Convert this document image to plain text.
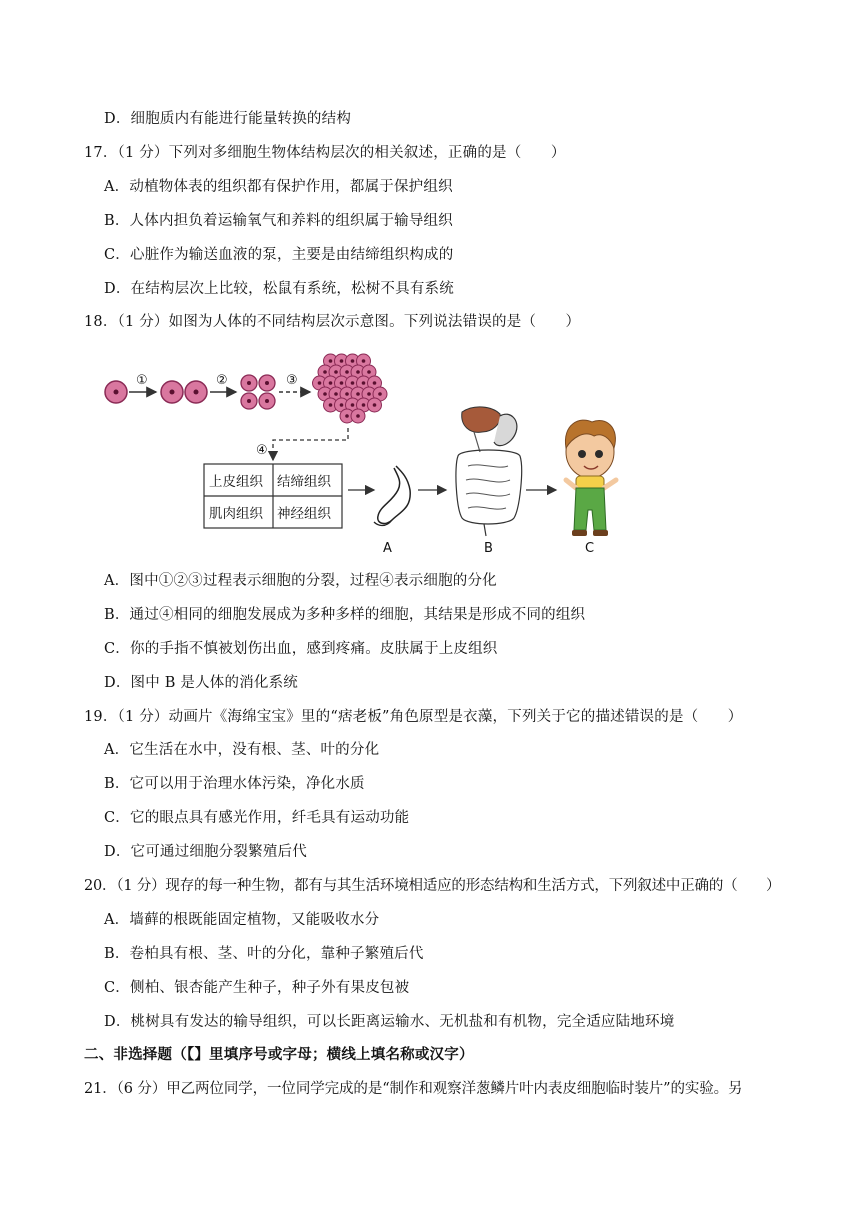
D．细胞质内有能进行能量转换的结构
17．（1 分）下列对多细胞生物体结构层次的相关叙述，正确的是（　　）
A．动植物体表的组织都有保护作用，都属于保护组织
B．人体内担负着运输氧气和养料的组织属于输导组织
C．心脏作为输送血液的泵，主要是由结缔组织构成的
D．在结构层次上比较，松鼠有系统，松树不具有系统
18．（1 分）如图为人体的不同结构层次示意图。下列说法错误的是（　　）
①	②	③
④
上皮组织 结缔组织
肌肉组织 神经组织
A	B	C
A．图中①②③过程表示细胞的分裂，过程④表示细胞的分化
B．通过④相同的细胞发展成为多种多样的细胞，其结果是形成不同的组织
C．你的手指不慎被划伤出血，感到疼痛。皮肤属于上皮组织
D．图中 B 是人体的消化系统
19．（1 分）动画片《海绵宝宝》里的“痞老板”角色原型是衣藻，下列关于它的描述错误的是（　　）
A．它生活在水中，没有根、茎、叶的分化
B．它可以用于治理水体污染，净化水质
C．它的眼点具有感光作用，纤毛具有运动功能
D．它可通过细胞分裂繁殖后代
20．（1 分）现存的每一种生物，都有与其生活环境相适应的形态结构和生活方式，下列叙述中正确的（　　）
A．墙藓的根既能固定植物，又能吸收水分
B．卷柏具有根、茎、叶的分化，靠种子繁殖后代
C．侧柏、银杏能产生种子，种子外有果皮包被
D．桃树具有发达的输导组织，可以长距离运输水、无机盐和有机物，完全适应陆地环境
二、非选择题（【】里填序号或字母；横线上填名称或汉字）
21．（6 分）甲乙两位同学，一位同学完成的是“制作和观察洋葱鳞片叶内表皮细胞临时装片”的实验。另
